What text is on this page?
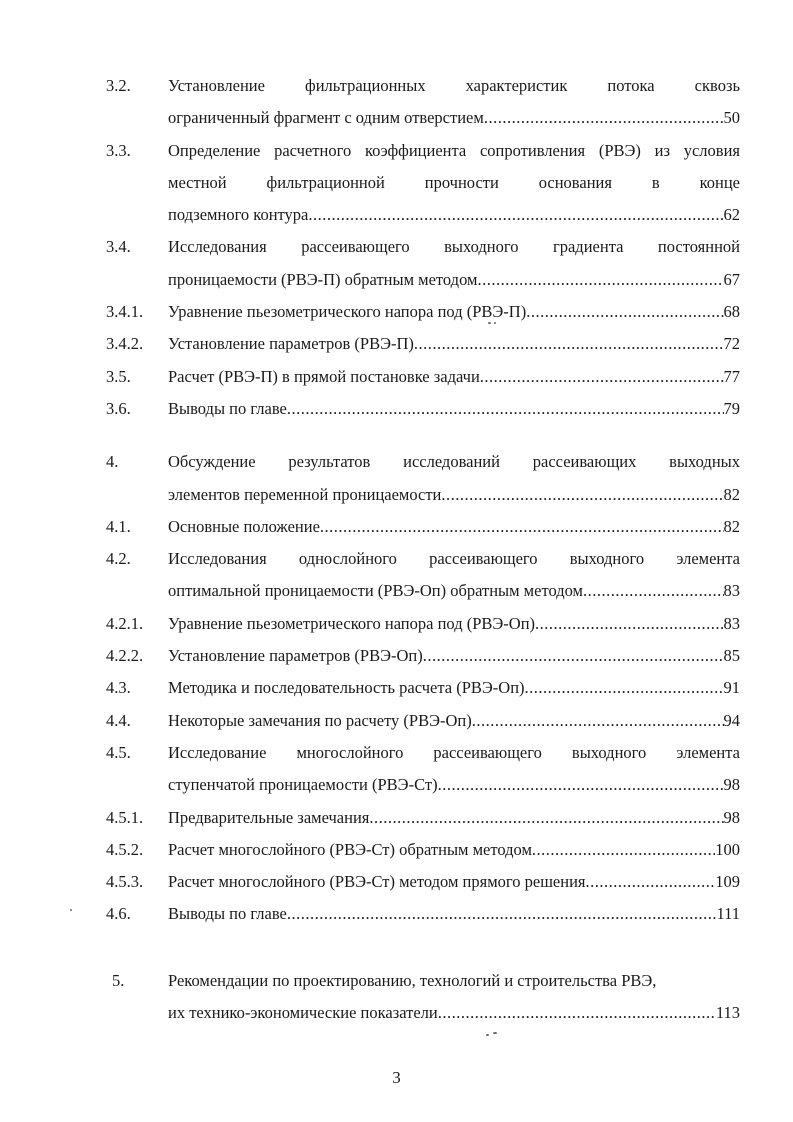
3.2.	Установление фильтрационных характеристик потока сквозь
ограниченный фрагмент с одним отверстием .....	50
3.3.	Определение расчетного коэффициента сопротивления (РВЭ) из условия местной фильтрационной прочности основания в конце
подземного контура .....	62
3.4.	Исследования рассеивающего выходного градиента постоянной
проницаемости (РВЭ-П) обратным методом .....	67
3.4.1.	Уравнение пьезометрического напора под (РВЭ-П) .....	68
3.4.2.	Установление параметров (РВЭ-П) .....	72
3.5.	Расчет (РВЭ-П) в прямой постановке задачи .....	77
3.6.	Выводы по главе .....	79
4.	Обсуждение результатов исследований рассеивающих выходных
элементов переменной проницаемости .....	82
4.1.	Основные положение .....	82
4.2.	Исследования однослойного рассеивающего выходного элемента
оптимальной проницаемости (РВЭ-Оп) обратным методом .....	83
4.2.1.	Уравнение пьезометрического напора под (РВЭ-Оп) .....	83
4.2.2.	Установление параметров (РВЭ-Оп) .....	85
4.3.	Методика и последовательность расчета (РВЭ-Оп) .....	91
4.4.	Некоторые замечания по расчету (РВЭ-Оп) .....	94
4.5.	Исследование многослойного рассеивающего выходного элемента
ступенчатой проницаемости (РВЭ-Ст) .....	98
4.5.1.	Предварительные замечания .....	98
4.5.2.	Расчет многослойного (РВЭ-Ст) обратным методом .....	100
4.5.3.	Расчет многослойного (РВЭ-Ст) методом прямого решения .....	109
4.6.	Выводы по главе .....	111
5.	Рекомендации по проектированию, технологий и строительства РВЭ,
их технико-экономические показатели .....	113
3
